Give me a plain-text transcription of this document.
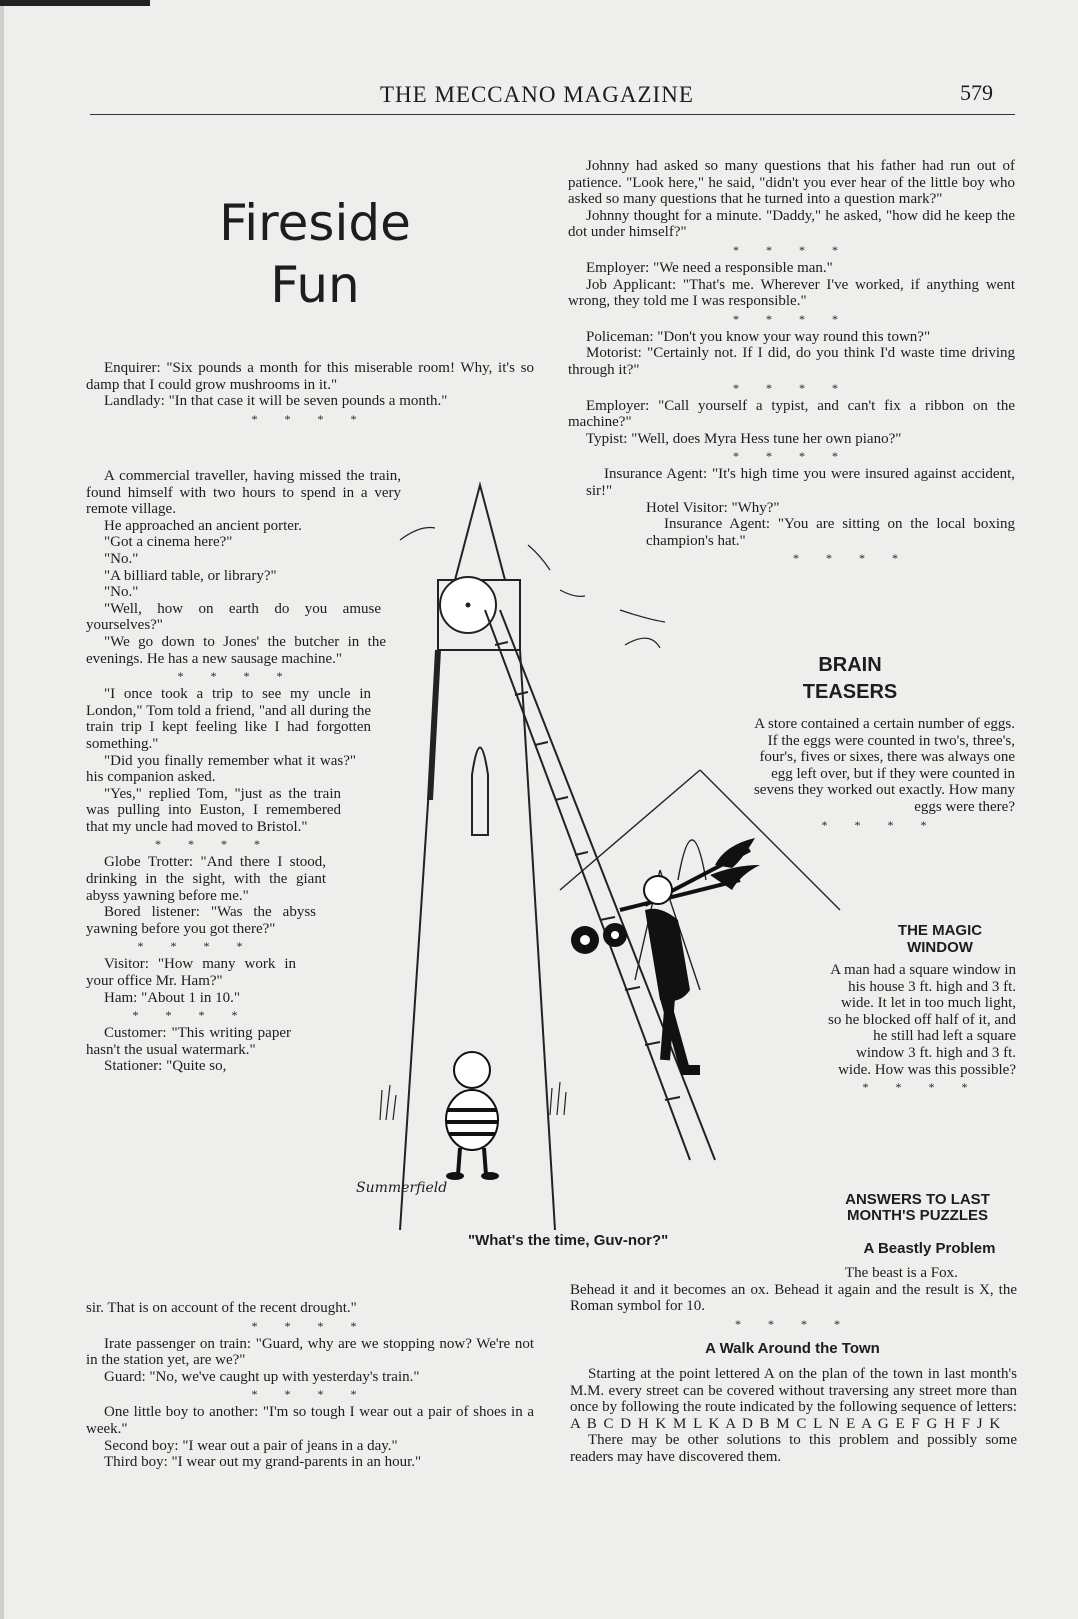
THE MECCANO MAGAZINE	579
Fireside
Fun

Enquirer: "Six pounds a month for this miserable room! Why, it's so damp that I could grow mushrooms in it."

Landlady: "In that case it will be seven pounds a month."

* * * *

A commercial traveller, having missed the train, found himself with two hours to spend in a very remote village.

He approached an ancient porter.

"Got a cinema here?"

"No."

"A billiard table, or library?"

"No."

"Well, how on earth do you amuse yourselves?"

"We go down to Jones' the butcher in the evenings. He has a new sausage machine."

* * * *

"I once took a trip to see my uncle in London," Tom told a friend, "and all during the train trip I kept feeling like I had forgotten something."

"Did you finally remember what it was?" his companion asked.

"Yes," replied Tom, "just as the train was pulling into Euston, I remembered that my uncle had moved to Bristol."

* * * *

Globe Trotter: "And there I stood, drinking in the sight, with the giant abyss yawning before me."

Bored listener: "Was the abyss yawning before you got there?"

* * * *

Visitor: "How many work in your office Mr. Ham?"

Ham: "About 1 in 10."

* * * *

Customer: "This writing paper hasn't the usual watermark."

Stationer: "Quite so,

sir. That is on account of the recent drought."

* * * *

Irate passenger on train: "Guard, why are we stopping now? We're not in the station yet, are we?"

Guard: "No, we've caught up with yesterday's train."

* * * *

One little boy to another: "I'm so tough I wear out a pair of shoes in a week."

Second boy: "I wear out a pair of jeans in a day."

Third boy: "I wear out my grand-parents in an hour."

Johnny had asked so many questions that his father had run out of patience. "Look here," he said, "didn't you ever hear of the little boy who asked so many questions that he turned into a question mark?"

Johnny thought for a minute. "Daddy," he asked, "how did he keep the dot under himself?"

* * * *

Employer: "We need a responsible man."

Job Applicant: "That's me. Wherever I've worked, if anything went wrong, they told me I was responsible."

* * * *

Policeman: "Don't you know your way round this town?"

Motorist: "Certainly not. If I did, do you think I'd waste time driving through it?"

* * * *

Employer: "Call yourself a typist, and can't fix a ribbon on the machine?"

Typist: "Well, does Myra Hess tune her own piano?"

* * * *

Insurance Agent: "It's high time you were insured against accident, sir!"

Hotel Visitor: "Why?"

Insurance Agent: "You are sitting on the local boxing champion's hat."

* * * *
BRAIN
TEASERS

A store contained a certain number of eggs. If the eggs were counted in two's, three's, four's, fives or sixes, there was always one egg left over, but if they were counted in sevens they worked out exactly. How many eggs were there?

* * * *
THE MAGIC
WINDOW

A man had a square window in his house 3 ft. high and 3 ft. wide. It let in too much light, so he blocked off half of it, and he still had left a square window 3 ft. high and 3 ft. wide. How was this possible?

* * * *
ANSWERS TO LAST
MONTH'S PUZZLES
A Beastly Problem

The beast is a Fox.

Behead it and it becomes an ox. Behead it again and the result is X, the Roman symbol for 10.

* * * *
A Walk Around the Town

Starting at the point lettered A on the plan of the town in last month's M.M. every street can be covered without traversing any street more than once by following the route indicated by the following sequence of letters:

A B C D H K M L K A D B M C L N E A G E F G H F J K

There may be other solutions to this problem and possibly some readers may have discovered them.

Summerfield
"What's the time, Guv-nor?"
